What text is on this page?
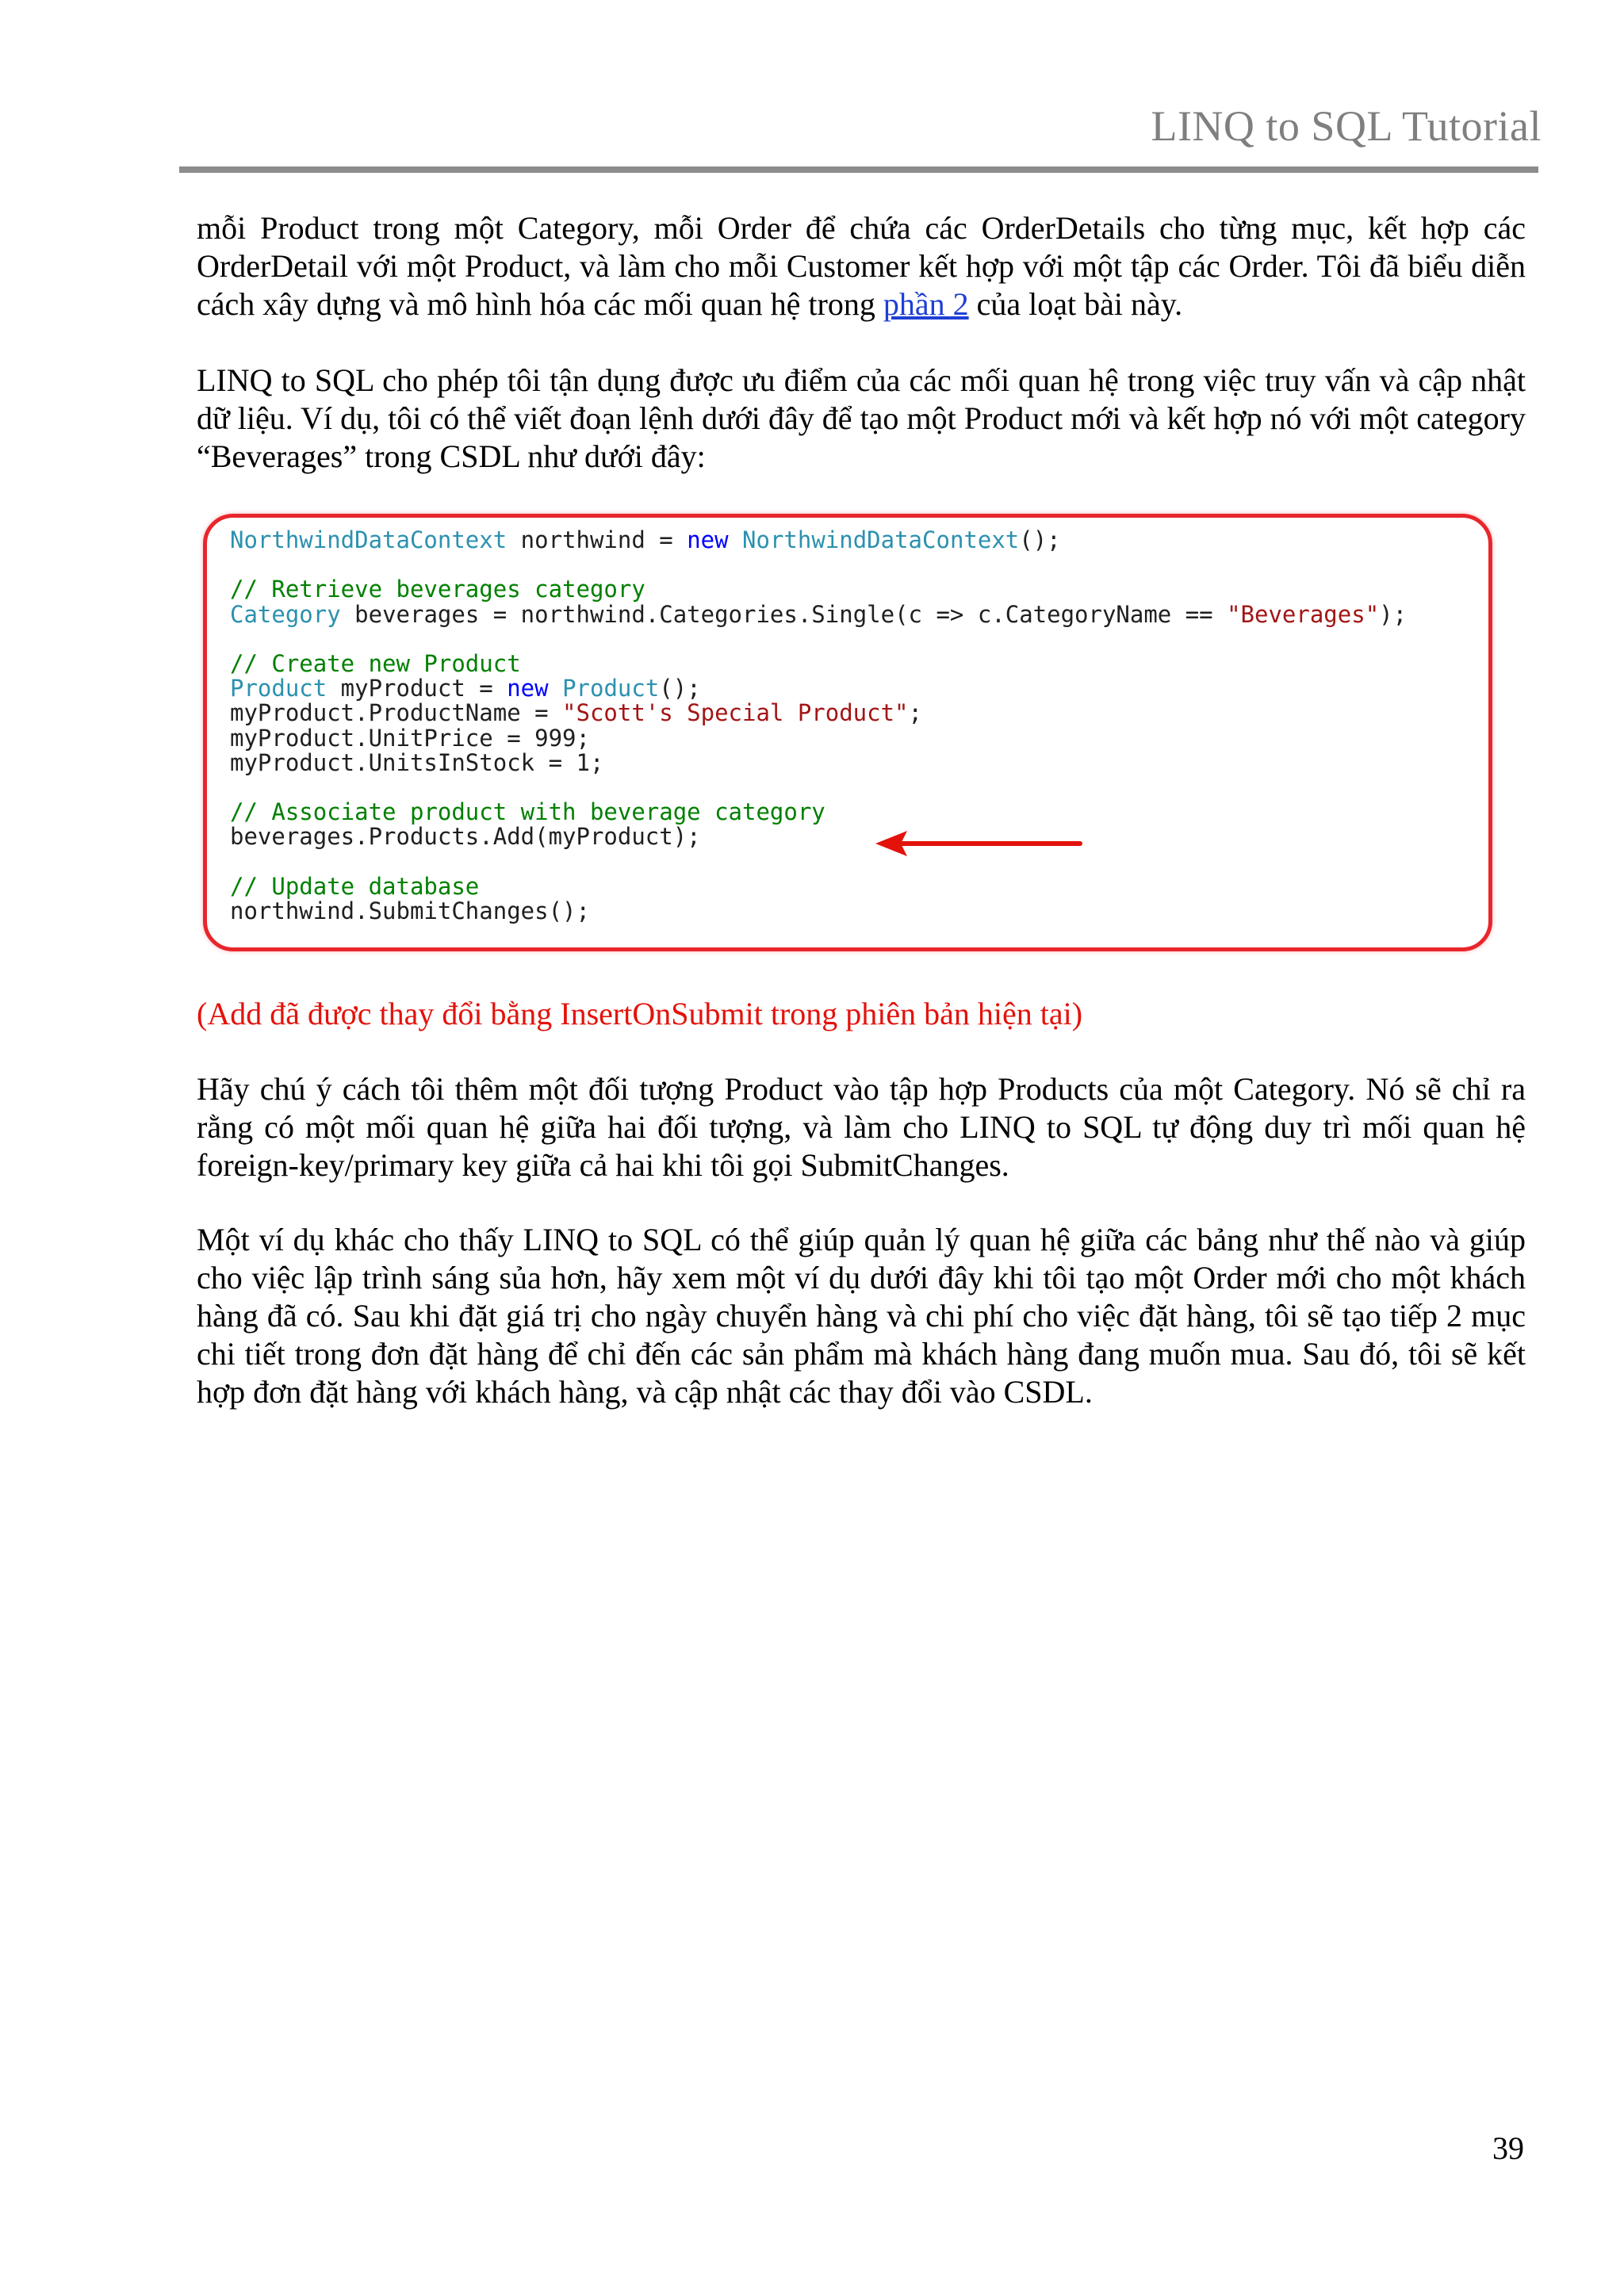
LINQ to SQL Tutorial
mỗi Product trong một Category, mỗi Order để chứa các OrderDetails cho từng mục, kết hợp các OrderDetail với một Product, và làm cho mỗi Customer kết hợp với một tập các Order. Tôi đã biểu diễn cách xây dựng và mô hình hóa các mối quan hệ trong phần 2 của loạt bài này.
LINQ to SQL cho phép tôi tận dụng được ưu điểm của các mối quan hệ trong việc truy vấn và cập nhật dữ liệu. Ví dụ, tôi có thể viết đoạn lệnh dưới đây để tạo một Product mới và kết hợp nó với một category “Beverages” trong CSDL như dưới đây:
NorthwindDataContext northwind = new NorthwindDataContext();
// Retrieve beverages category
Category beverages = northwind.Categories.Single(c => c.CategoryName == "Beverages");
// Create new Product
Product myProduct = new Product();
myProduct.ProductName = "Scott's Special Product";
myProduct.UnitPrice = 999;
myProduct.UnitsInStock = 1;
// Associate product with beverage category
beverages.Products.Add(myProduct);
// Update database
northwind.SubmitChanges();
(Add đã được thay đổi bằng InsertOnSubmit trong phiên bản hiện tại)
Hãy chú ý cách tôi thêm một đối tượng Product vào tập hợp Products của một Category. Nó sẽ chỉ ra rằng có một mối quan hệ giữa hai đối tượng, và làm cho LINQ to SQL tự động duy trì mối quan hệ foreign-key/primary key giữa cả hai khi tôi gọi SubmitChanges.
Một ví dụ khác cho thấy LINQ to SQL có thể giúp quản lý quan hệ giữa các bảng như thế nào và giúp cho việc lập trình sáng sủa hơn, hãy xem một ví dụ dưới đây khi tôi tạo một Order mới cho một khách hàng đã có. Sau khi đặt giá trị cho ngày chuyển hàng và chi phí cho việc đặt hàng, tôi sẽ tạo tiếp 2 mục chi tiết trong đơn đặt hàng để chỉ đến các sản phẩm mà khách hàng đang muốn mua. Sau đó, tôi sẽ kết hợp đơn đặt hàng với khách hàng, và cập nhật các thay đổi vào CSDL.
39
